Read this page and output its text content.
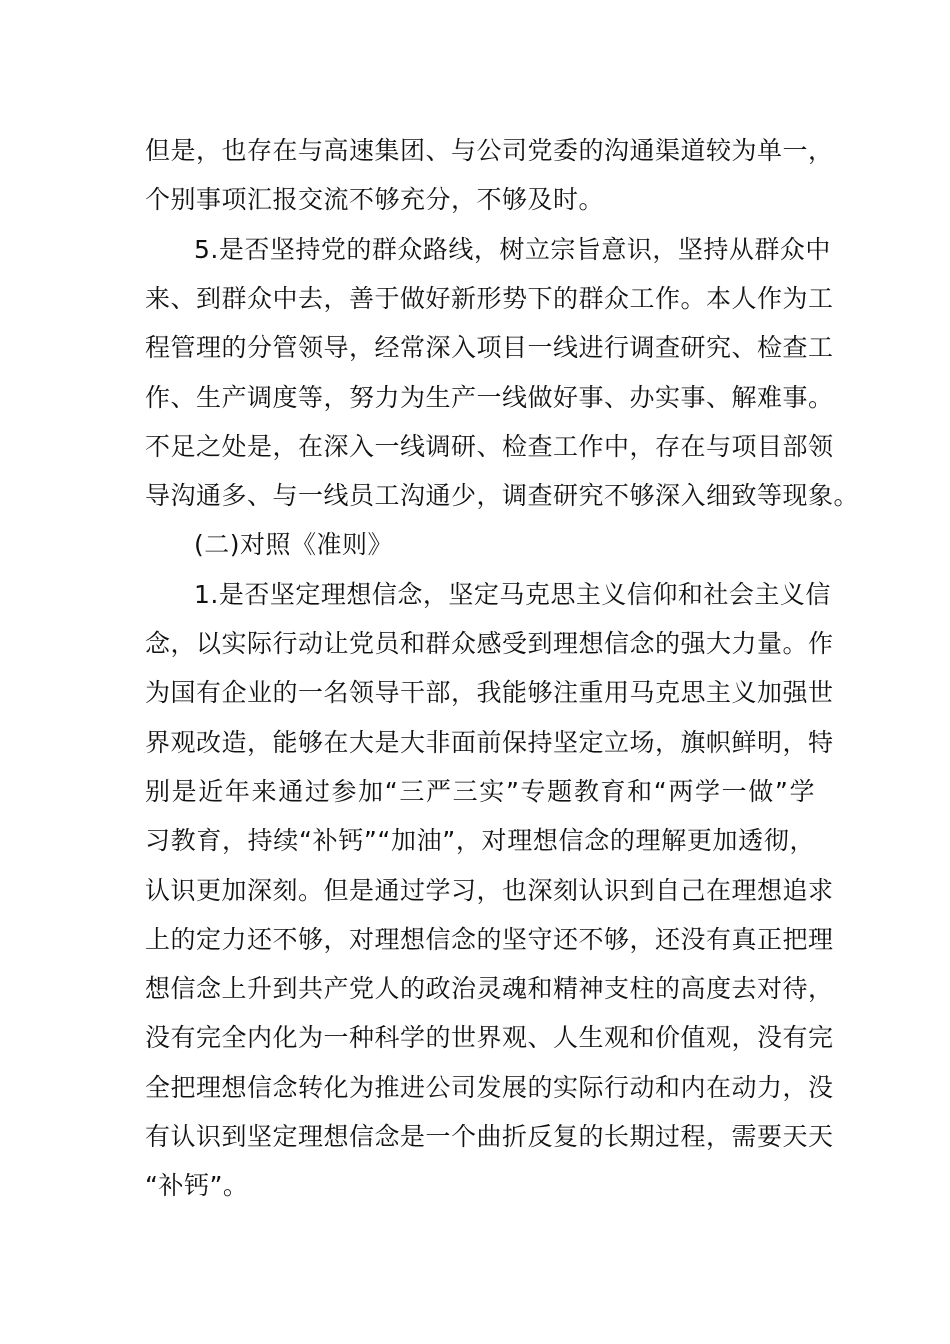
但是，也存在与高速集团、与公司党委的沟通渠道较为单一，
个别事项汇报交流不够充分，不够及时。
5.是否坚持党的群众路线，树立宗旨意识，坚持从群众中
来、到群众中去，善于做好新形势下的群众工作。本人作为工
程管理的分管领导，经常深入项目一线进行调查研究、检查工
作、生产调度等，努力为生产一线做好事、办实事、解难事。
不足之处是，在深入一线调研、检查工作中，存在与项目部领
导沟通多、与一线员工沟通少，调查研究不够深入细致等现象。
(二)对照《准则》
1.是否坚定理想信念，坚定马克思主义信仰和社会主义信
念，以实际行动让党员和群众感受到理想信念的强大力量。作
为国有企业的一名领导干部，我能够注重用马克思主义加强世
界观改造，能够在大是大非面前保持坚定立场，旗帜鲜明，特
别是近年来通过参加“三严三实”专题教育和“两学一做”学
习教育，持续“补钙”“加油”，对理想信念的理解更加透彻，
认识更加深刻。但是通过学习，也深刻认识到自己在理想追求
上的定力还不够，对理想信念的坚守还不够，还没有真正把理
想信念上升到共产党人的政治灵魂和精神支柱的高度去对待，
没有完全内化为一种科学的世界观、人生观和价值观，没有完
全把理想信念转化为推进公司发展的实际行动和内在动力，没
有认识到坚定理想信念是一个曲折反复的长期过程，需要天天
“补钙”。
